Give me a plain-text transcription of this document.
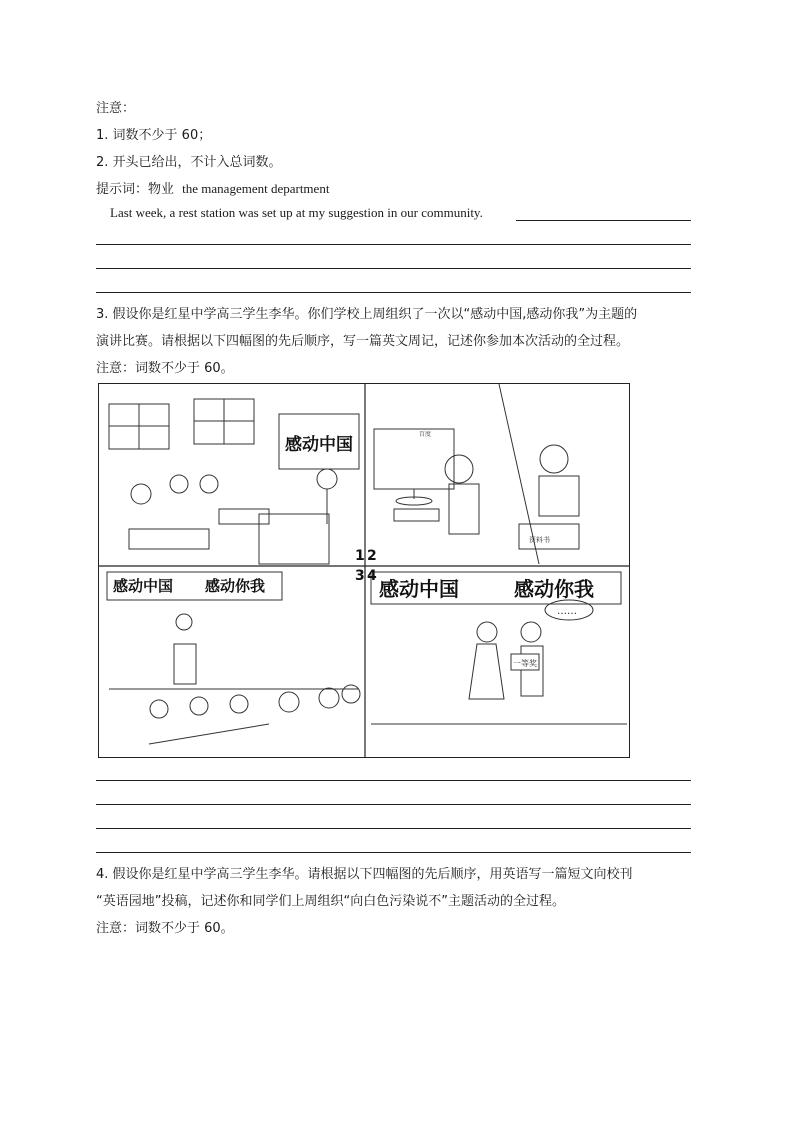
注意：
1. 词数不少于 60；
2. 开头已给出，不计入总词数。
提示词：物业 the management department
Last week, a rest station was set up at my suggestion in our community.
3. 假设你是红星中学高三学生李华。你们学校上周组织了一次以“感动中国,感动你我”为主题的
演讲比赛。请根据以下四幅图的先后顺序，写一篇英文周记，记述你参加本次活动的全过程。
注意：词数不少于 60。
感动中国
1
百度
资料书
2
感动中国 感动你我
3
感动中国	感动你我
……
一等奖
4
4. 假设你是红星中学高三学生李华。请根据以下四幅图的先后顺序，用英语写一篇短文向校刊
“英语园地”投稿，记述你和同学们上周组织“向白色污染说不”主题活动的全过程。
注意：词数不少于 60。
